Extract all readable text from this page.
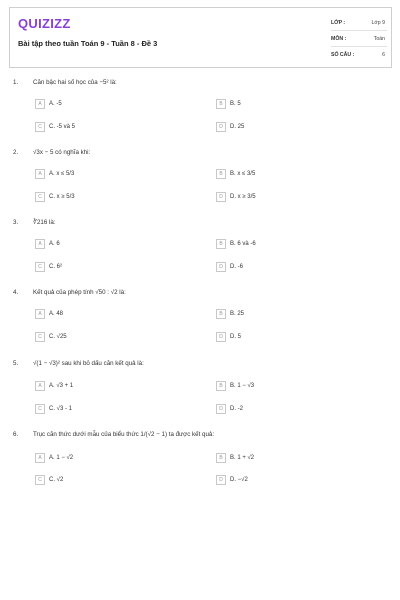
QUIZIZZ
Bài tập theo tuần Toán 9 - Tuần 8 - Đề 3
LỚP :	Lớp 9
MÔN :	Toán
SỐ CÂU :	6
1. Căn bậc hai số học của −5² là:
A	A. -5	B	B. 5
C	C. -5 và 5	D	D. 25
2. √3x − 5 có nghĩa khi:
A	A. x ≤ 5/3	B	B. x ≤ 3/5
C	C. x ≥ 5/3	D	D. x ≥ 3/5
3. ∛216 là:
A	A. 6	B	B. 6 và -6
C	C. 6²	D	D. -6
4. Kết quả của phép tính √50 : √2 là:
A	A. 48	B	B. 25
C	C. √25	D	D. 5
5. √(1 − √3)² sau khi bỏ dấu căn kết quả là:
A	A. √3 + 1	B	B. 1 − √3
C	C. √3 - 1	D	D. -2
6. Trục căn thức dưới mẫu của biểu thức 1/(√2 − 1) ta được kết quả:
A	A. 1 − √2	B	B. 1 + √2
C	C. √2	D	D. −√2
